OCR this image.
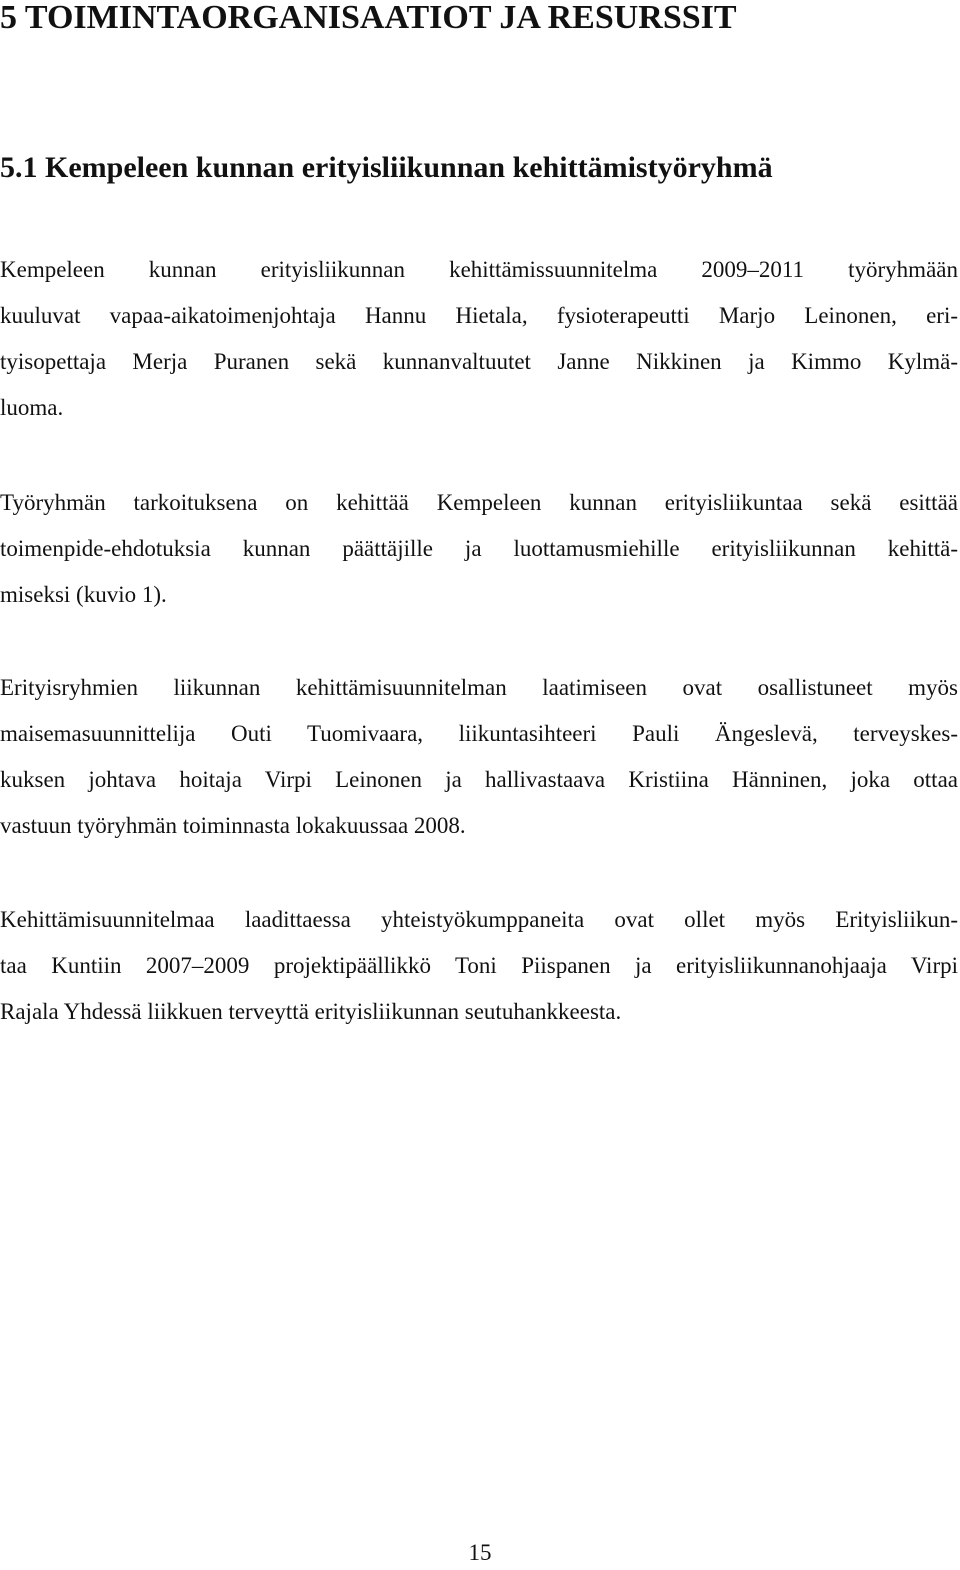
5 TOIMINTAORGANISAATIOT JA RESURSSIT
5.1 Kempeleen kunnan erityisliikunnan kehittämistyöryhmä
Kempeleen kunnan erityisliikunnan kehittämissuunnitelma 2009–2011 työryhmään
kuuluvat vapaa-aikatoimenjohtaja Hannu Hietala, fysioterapeutti Marjo Leinonen, eri-
tyisopettaja Merja Puranen sekä kunnanvaltuutet Janne Nikkinen ja Kimmo Kylmä-
luoma.
Työryhmän tarkoituksena on kehittää Kempeleen kunnan erityisliikuntaa sekä esittää
toimenpide-ehdotuksia kunnan päättäjille ja luottamusmiehille erityisliikunnan kehittä-
miseksi (kuvio 1).
Erityisryhmien liikunnan kehittämisuunnitelman laatimiseen ovat osallistuneet myös
maisemasuunnittelija Outi Tuomivaara, liikuntasihteeri Pauli Ängeslevä, terveyskes-
kuksen johtava hoitaja Virpi Leinonen ja hallivastaava Kristiina Hänninen, joka ottaa
vastuun työryhmän toiminnasta lokakuussaa 2008.
Kehittämisuunnitelmaa laadittaessa yhteistyökumppaneita ovat ollet myös Erityisliikun-
taa Kuntiin 2007–2009 projektipäällikkö Toni Piispanen ja erityisliikunnanohjaaja Virpi
Rajala Yhdessä liikkuen terveyttä erityisliikunnan seutuhankkeesta.
15
